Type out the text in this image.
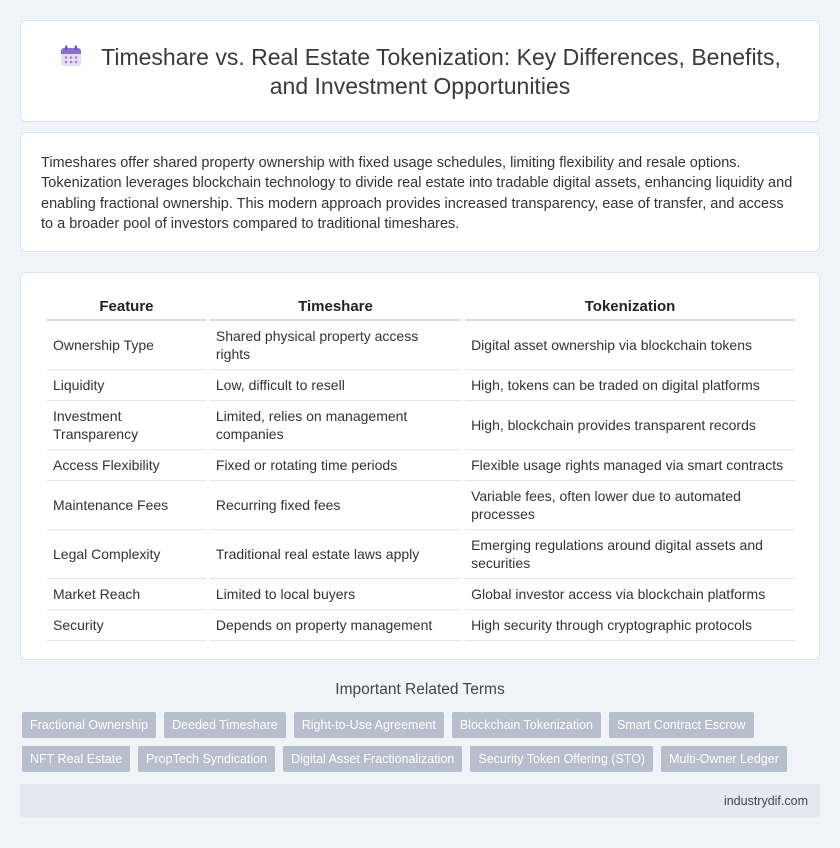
Timeshare vs. Real Estate Tokenization: Key Differences, Benefits, and Investment Opportunities

Timeshares offer shared property ownership with fixed usage schedules, limiting flexibility and resale options. Tokenization leverages blockchain technology to divide real estate into tradable digital assets, enhancing liquidity and enabling fractional ownership. This modern approach provides increased transparency, ease of transfer, and access to a broader pool of investors compared to traditional timeshares.

Feature	Timeshare	Tokenization
Ownership Type	Shared physical property access rights	Digital asset ownership via blockchain tokens
Liquidity	Low, difficult to resell	High, tokens can be traded on digital platforms
Investment Transparency	Limited, relies on management companies	High, blockchain provides transparent records
Access Flexibility	Fixed or rotating time periods	Flexible usage rights managed via smart contracts
Maintenance Fees	Recurring fixed fees	Variable fees, often lower due to automated processes
Legal Complexity	Traditional real estate laws apply	Emerging regulations around digital assets and securities
Market Reach	Limited to local buyers	Global investor access via blockchain platforms
Security	Depends on property management	High security through cryptographic protocols
Important Related Terms
Fractional Ownership	Deeded Timeshare	Right-to-Use Agreement	Blockchain Tokenization	Smart Contract Escrow
NFT Real Estate	PropTech Syndication	Digital Asset Fractionalization	Security Token Offering (STO)	Multi-Owner Ledger
industrydif.com
